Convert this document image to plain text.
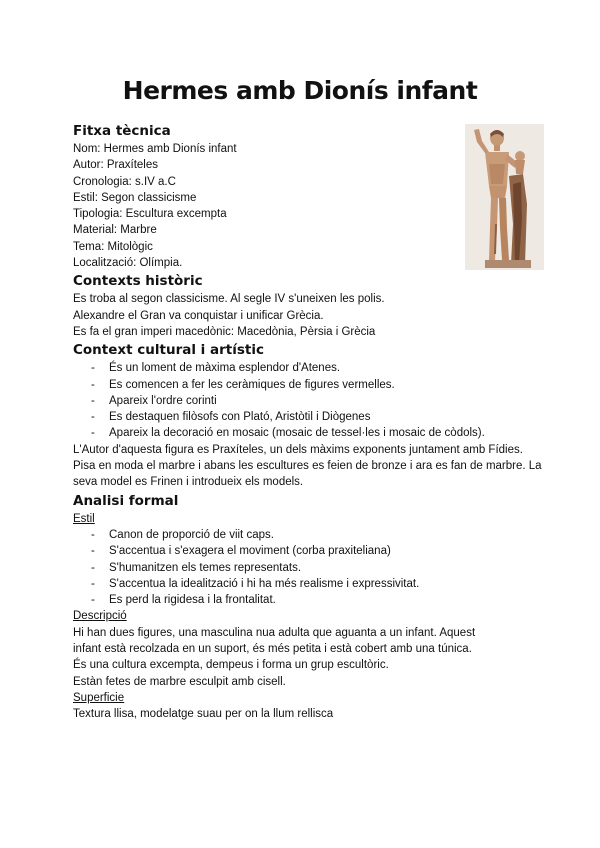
Hermes amb Dionís infant
Fitxa tècnica

Nom: Hermes amb Dionís infant

Autor: Praxíteles

Cronologia: s.IV a.C

Estil: Segon classicisme

Tipologia: Escultura excempta

Material: Marbre

Tema: Mitològic

Localització: Olímpia.

Contexts històric

Es troba al segon classicisme. Al segle IV s'uneixen les polis.

Alexandre el Gran va conquistar i unificar Grècia.

Es fa el gran imperi macedònic: Macedònia, Pèrsia i Grècia

Context cultural i artístic
- És un loment de màxima esplendor d'Atenes.
- Es comencen a fer les ceràmiques de figures vermelles.
- Apareix l'ordre corinti
- Es destaquen filòsofs con Plató, Aristòtil i Diògenes
- Apareix la decoració en mosaic (mosaic de tessel·les i mosaic de còdols).

L'Autor d'aquesta figura es Praxíteles, un dels màxims exponents juntament amb Fídies. Pisa en moda el marbre i abans les escultures es feien de bronze i ara es fan de marbre. La seva model es Frinen i introdueix els models.

Analisi formal

Estil

- Canon de proporció de viit caps.
- S'accentua i s'exagera el moviment (corba praxiteliana)
- S'humanitzen els temes representats.
- S'accentua la idealització i hi ha més realisme i expressivitat.
- Es perd la rigidesa i la frontalitat.

Descripció

Hi han dues figures, una masculina nua adulta que aguanta a un infant. Aquest

infant està recolzada en un suport, és més petita i està cobert amb una túnica.

És una cultura excempta, dempeus i forma un grup escultòric.

Estàn fetes de marbre esculpit amb cisell.

Superficie

Textura llisa, modelatge suau per on la llum rellisca
